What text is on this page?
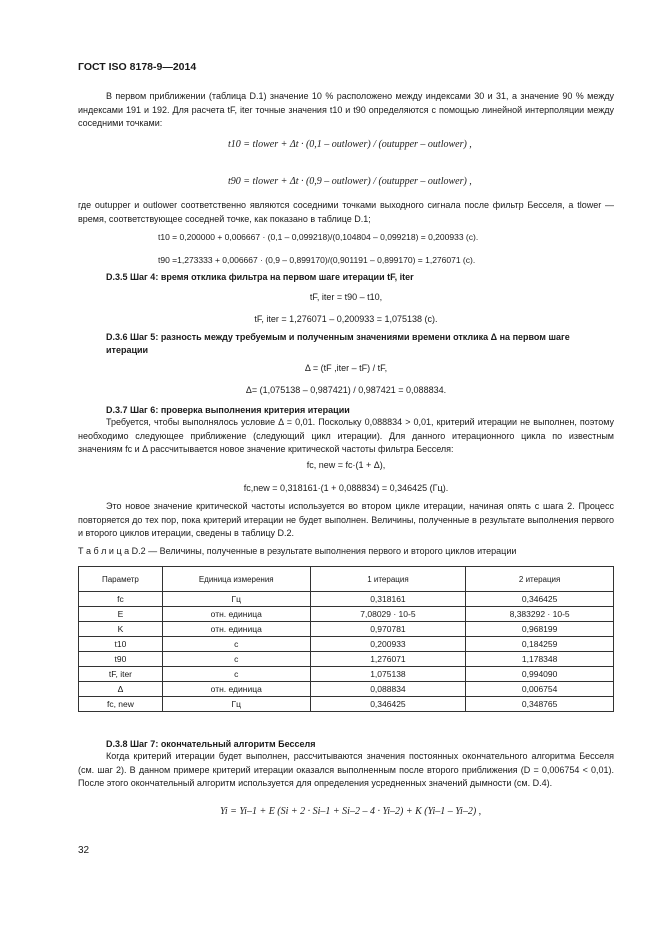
ГОСТ ISO 8178-9—2014

В первом приближении (таблица D.1) значение 10 % расположено между индексами 30 и 31, а значение 90 % между индексами 191 и 192. Для расчета tF, iter точные значения t10 и t90 определяются с помощью линейной интерполяции между соседними точками:

t10 = tlower + Δt · (0,1 – outlower) / (outupper – outlower) ,
t90 = tlower + Δt · (0,9 – outlower) / (outupper – outlower) ,

где outupper и outlower соответственно являются соседними точками выходного сигнала после фильтр Бесселя, а tlower — время, соответствующее соседней точке, как показано в таблице D.1;

t10 = 0,200000 + 0,006667 · (0,1 – 0,099218)/(0,104804 – 0,099218) = 0,200933 (с).
t90 =1,273333 + 0,006667 · (0,9 – 0,899170)/(0,901191 – 0,899170) = 1,276071 (с).

D.3.5 Шаг 4: время отклика фильтра на первом шаге итерации tF, iter

tF, iter = t90 – t10,

tF, iter = 1,276071 – 0,200933 = 1,075138 (с).

D.3.6 Шаг 5: разность между требуемым и полученным значениями времени отклика Δ на первом шаге итерации

Δ = (tF ,iter – tF) / tF,

Δ= (1,075138 – 0,987421) / 0,987421 = 0,088834.

D.3.7 Шаг 6: проверка выполнения критерия итерации

Требуется, чтобы выполнялось условие Δ = 0,01. Поскольку 0,088834 > 0,01, критерий итерации не выполнен, поэтому необходимо следующее приближение (следующий цикл итерации). Для данного итерационного цикла по известным значениям fc и Δ рассчитывается новое значение критической частоты фильтра Бесселя:

fc, new = fc·(1 + Δ),

fc,new = 0,318161·(1 + 0,088834) = 0,346425 (Гц).

Это новое значение критической частоты используется во втором цикле итерации, начиная опять с шага 2. Процесс повторяется до тех пор, пока критерий итерации не будет выполнен. Величины, полученные в результате выполнения первого и второго циклов итерации, сведены в таблицу D.2.

Т а б л и ц а D.2 — Величины, полученные в результате выполнения первого и второго циклов итерации
Параметр	Единица измерения	1 итерация	2 итерация
fc	Гц	0,318161	0,346425
E	отн. единица	7,08029 · 10-5	8,383292 · 10-5
K	отн. единица	0,970781	0,968199
t10	с	0,200933	0,184259
t90	с	1,276071	1,178348
tF, iter	с	1,075138	0,994090
Δ	отн. единица	0,088834	0,006754
fc, new	Гц	0,346425	0,348765

D.3.8 Шаг 7: окончательный алгоритм Бесселя

Когда критерий итерации будет выполнен, рассчитываются значения постоянных окончательного алгоритма Бесселя (см. шаг 2). В данном примере критерий итерации оказался выполненным после второго приближения (D = 0,006754 < 0,01). После этого окончательный алгоритм используется для определения усредненных значений дымности (см. D.4).

Yi = Yi–1 + E (Si + 2 · Si–1 + Si–2 – 4 · Yi–2) + K (Yi–1 – Yi–2) ,
32
